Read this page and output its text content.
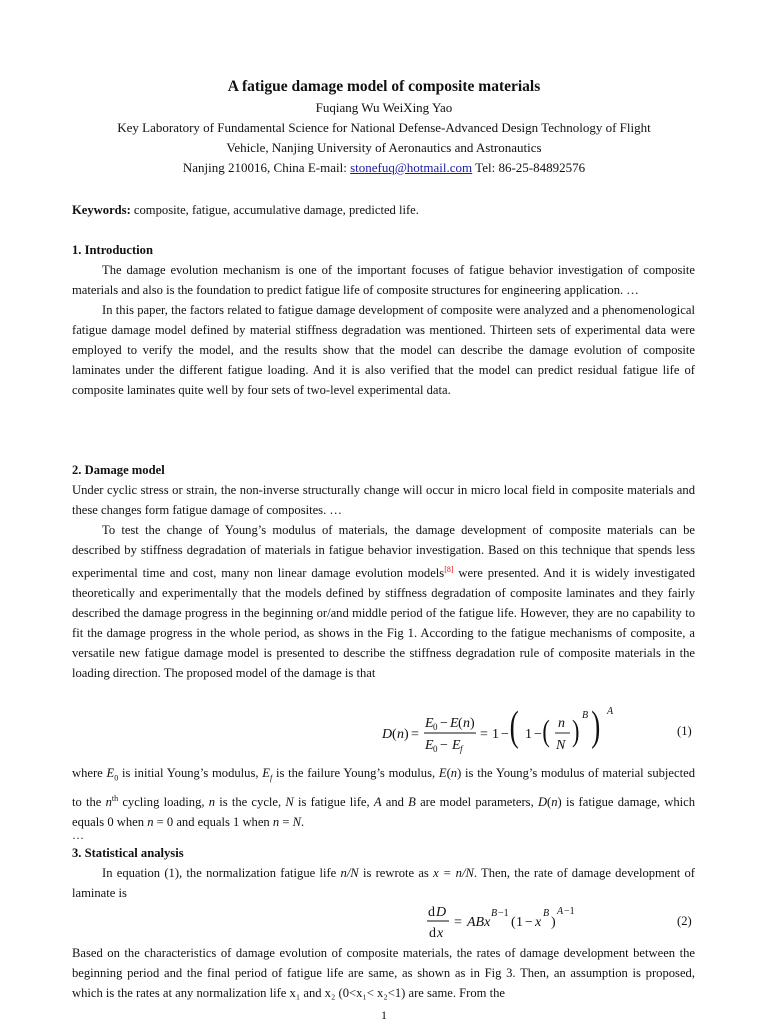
A fatigue damage model of composite materials
Fuqiang Wu WeiXing Yao
Key Laboratory of Fundamental Science for National Defense-Advanced Design Technology of Flight
Vehicle, Nanjing University of Aeronautics and Astronautics
Nanjing 210016, China E-mail: stonefuq@hotmail.com Tel: 86-25-84892576
Keywords: composite, fatigue, accumulative damage, predicted life.
1. Introduction

The damage evolution mechanism is one of the important focuses of fatigue behavior investigation of composite materials and also is the foundation to predict fatigue life of composite structures for engineering application. …

In this paper, the factors related to fatigue damage development of composite were analyzed and a phenomenological fatigue damage model defined by material stiffness degradation was mentioned. Thirteen sets of experimental data were employed to verify the model, and the results show that the model can describe the damage evolution of composite laminates under the different fatigue loading. And it is also verified that the model can predict residual fatigue life of composite laminates quite well by four sets of two-level experimental data.

2. Damage model

Under cyclic stress or strain, the non-inverse structurally change will occur in micro local field in composite materials and these changes form fatigue damage of composites. …

To test the change of Young’s modulus of materials, the damage development of composite materials can be described by stiffness degradation of materials in fatigue behavior investigation. Based on this technique that spends less experimental time and cost, many non linear damage evolution models[8] were presented. And it is widely investigated theoretically and experimentally that the models defined by stiffness degradation of composite laminates and they fairly described the damage progress in the beginning or/and middle period of the fatigue life. However, they are no capability to fit the damage progress in the whole period, as shows in the Fig 1. According to the fatigue mechanisms of composite, a versatile new fatigue damage model is presented to describe the stiffness degradation rule of composite materials in the loading direction. The proposed model of the damage is that

D ( n ) =
E 0 − E ( n )
E 0 − E f
= 1 − ( 1 − ( n
N ) B ) A
(1)

where $E_0$ is initial Young’s modulus, $E_f$ is the failure Young’s modulus, E(n) is the Young’s modulus of material subjected to the $n^{th}$ cycling loading, n is the cycle, N is fatigue life, A and B are model parameters, D(n) is fatigue damage, which equals 0 when n = 0 and equals 1 when n = N.

…
3. Statistical analysis

In equation (1), the normalization fatigue life n/N is rewrote as x = n/N. Then, the rate of damage development of laminate is

d D
d x
= ABx
B −1
( 1 − x
B
)
A −1
(2)

Based on the characteristics of damage evolution of composite materials, the rates of damage development between the beginning period and the final period of fatigue life are same, as shown as in Fig 3. Then, an assumption is proposed, which is the rates at any normalization life x₁ and x₂ (0<x₁< x₂<1) are same. From the

1
